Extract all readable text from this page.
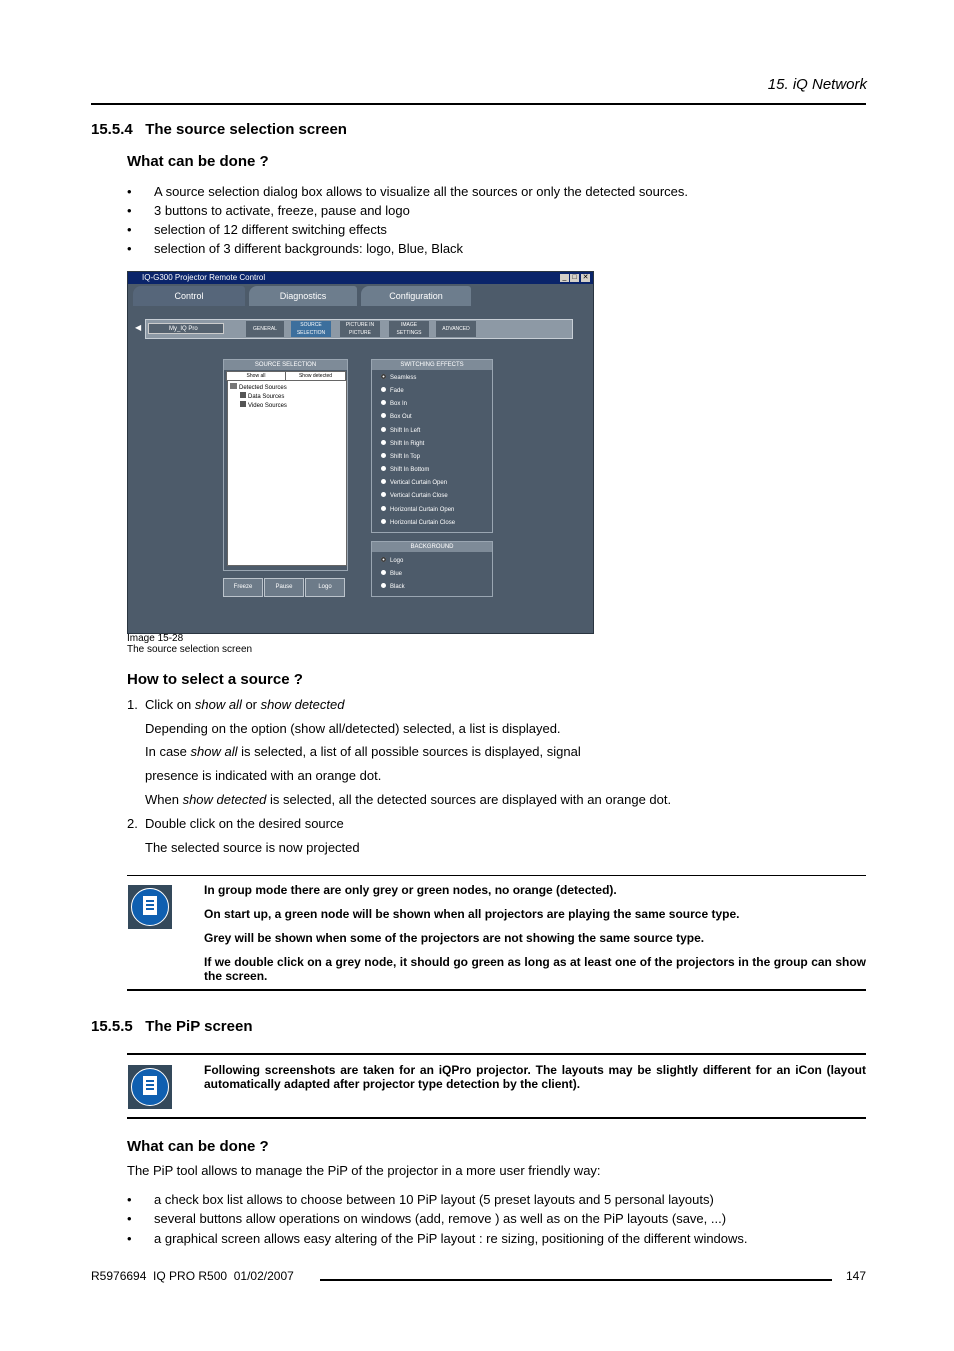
15. iQ Network
15.5.4   The source selection screen
What can be done ?
• A source selection dialog box allows to visualize all the sources or only the detected sources.
• 3 buttons to activate, freeze, pause and logo
• selection of 12 different switching effects
• selection of 3 different backgrounds: logo, Blue, Black
IQ-G300 Projector Remote Control	_ □ ✕
Control	Diagnostics	Configuration
◀	My_IQ Pro	GENERAL
SOURCE SELECTION
PICTURE IN PICTURE
IMAGE SETTINGS
ADVANCED
SOURCE SELECTION
Show all	Show detected
Detected Sources
Data Sources
Video Sources
Freeze	Pause	Logo
SWITCHING EFFECTS
Seamless
Fade
Box In
Box Out
Shift In Left
Shift In Right
Shift In Top
Shift In Bottom
Vertical Curtain Open
Vertical Curtain Close
Horizontal Curtain Open
Horizontal Curtain Close
BACKGROUND
Logo
Blue
Black
Image 15-28
The source selection screen
How to select a source ?
1. Click on show all or show detected
Depending on the option (show all/detected) selected, a list is displayed.
In case show all is selected, a list of all possible sources is displayed, signal
presence is indicated with an orange dot.
When show detected is selected, all the detected sources are displayed with an orange dot.
2. Double click on the desired source
The selected source is now projected
In group mode there are only grey or green nodes, no orange (detected).
On start up, a green node will be shown when all projectors are playing the same source type.
Grey will be shown when some of the projectors are not showing the same source type.
If we double click on a grey node, it should go green as long as at least one of the projectors in the group can show the screen.
15.5.5   The PiP screen
Following screenshots are taken for an iQPro projector. The layouts may be slightly different for an iCon (layout automatically adapted after projector type detection by the client).
What can be done ?
The PiP tool allows to manage the PiP of the projector in a more user friendly way:
• a check box list allows to choose between 10 PiP layout (5 preset layouts and 5 personal layouts)
• several buttons allow operations on windows (add, remove ) as well as on the PiP layouts (save, ...)
• a graphical screen allows easy altering of the PiP layout : re sizing, positioning of the different windows.
R5976694  IQ PRO R500  01/02/2007	147
